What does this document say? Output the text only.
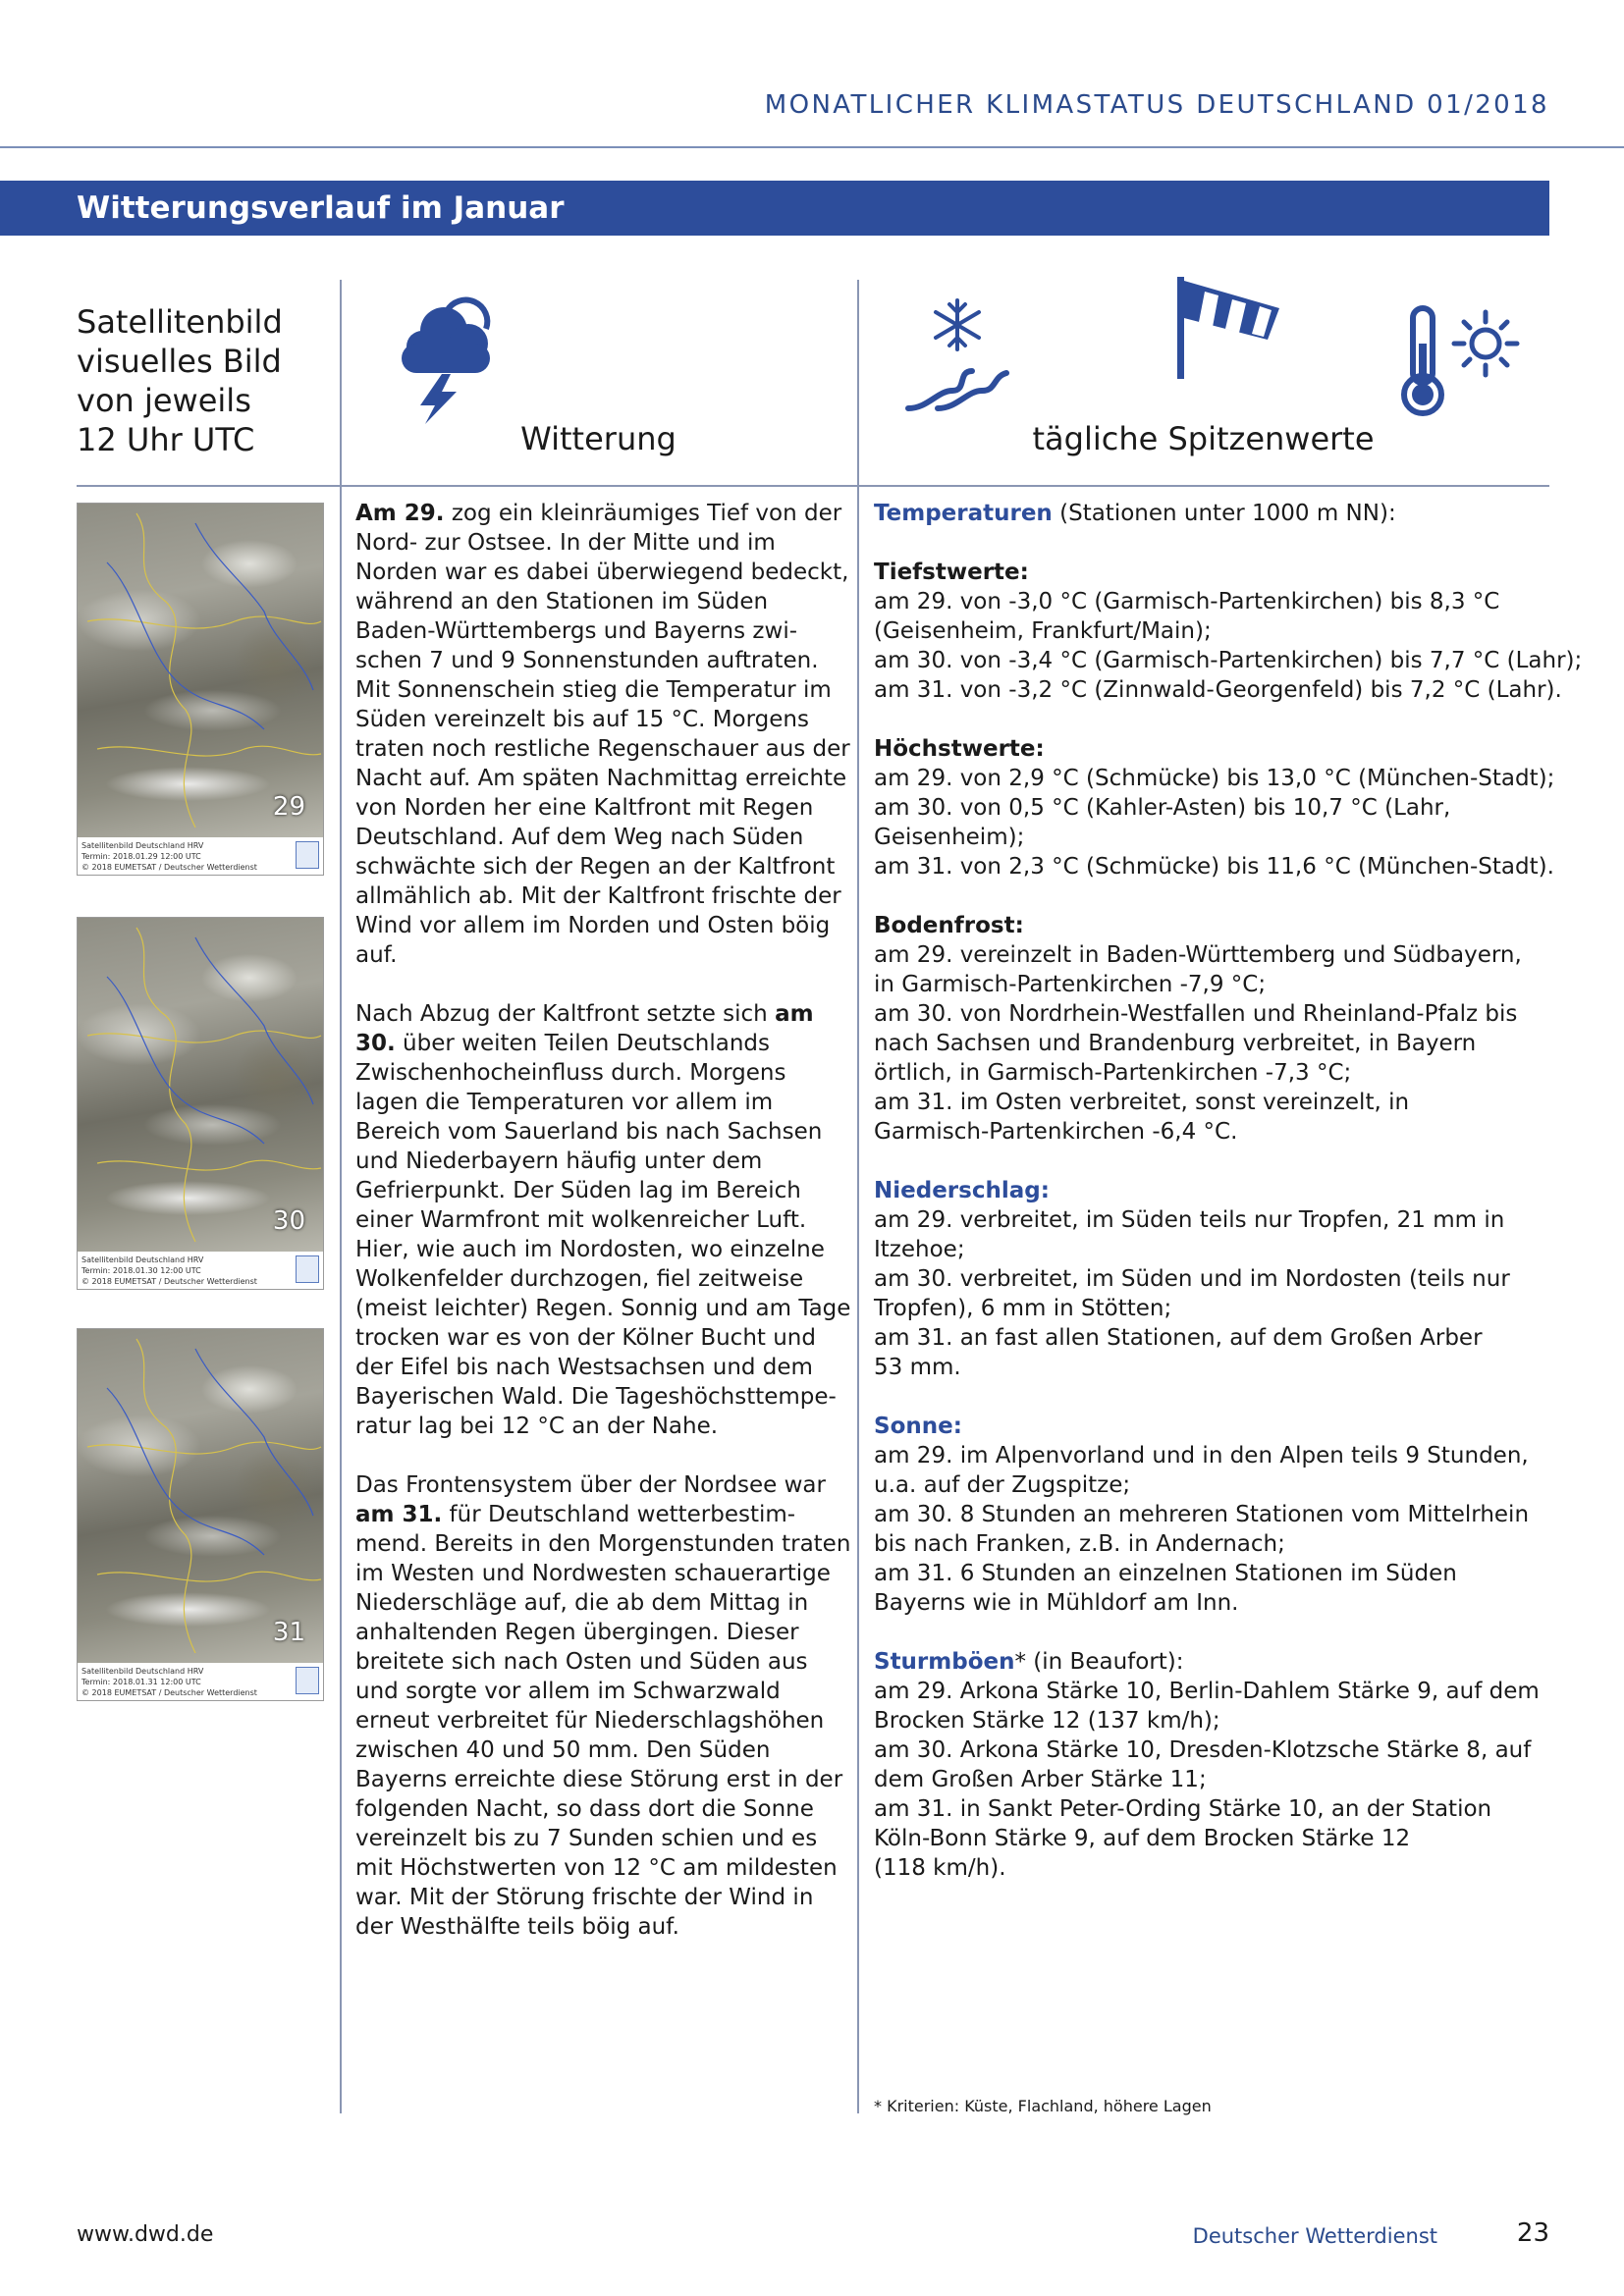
MONATLICHER KLIMASTATUS DEUTSCHLAND 01/2018
Witterungsverlauf im Januar
Satellitenbild
visuelles Bild
von jeweils
12 Uhr UTC	Witterung	tägliche Spitzenwerte
29
Satellitenbild Deutschland HRV
Termin: 2018.01.29 12:00 UTC
© 2018 EUMETSAT / Deutscher Wetterdienst
30
Satellitenbild Deutschland HRV
Termin: 2018.01.30 12:00 UTC
© 2018 EUMETSAT / Deutscher Wetterdienst
31
Satellitenbild Deutschland HRV
Termin: 2018.01.31 12:00 UTC
© 2018 EUMETSAT / Deutscher Wetterdienst

Am 29. zog ein kleinräumiges Tief von der
Nord- zur Ostsee. In der Mitte und im
Norden war es dabei überwiegend bedeckt,
während an den Stationen im Süden
Baden-Württembergs und Bayerns zwi-
schen 7 und 9 Sonnenstunden auftraten.
Mit Sonnenschein stieg die Temperatur im
Süden vereinzelt bis auf 15 °C. Morgens
traten noch restliche Regenschauer aus der
Nacht auf. Am späten Nachmittag erreichte
von Norden her eine Kaltfront mit Regen
Deutschland. Auf dem Weg nach Süden
schwächte sich der Regen an der Kaltfront
allmählich ab. Mit der Kaltfront frischte der
Wind vor allem im Norden und Osten böig
auf.

Nach Abzug der Kaltfront setzte sich am
30. über weiten Teilen Deutschlands
Zwischenhocheinfluss durch. Morgens
lagen die Temperaturen vor allem im
Bereich vom Sauerland bis nach Sachsen
und Niederbayern häufig unter dem
Gefrierpunkt. Der Süden lag im Bereich
einer Warmfront mit wolkenreicher Luft.
Hier, wie auch im Nordosten, wo einzelne
Wolkenfelder durchzogen, fiel zeitweise
(meist leichter) Regen. Sonnig und am Tage
trocken war es von der Kölner Bucht und
der Eifel bis nach Westsachsen und dem
Bayerischen Wald. Die Tageshöchsttempe-
ratur lag bei 12 °C an der Nahe.

Das Frontensystem über der Nordsee war
am 31. für Deutschland wetterbestim-
mend. Bereits in den Morgenstunden traten
im Westen und Nordwesten schauerartige
Niederschläge auf, die ab dem Mittag in
anhaltenden Regen übergingen. Dieser
breitete sich nach Osten und Süden aus
und sorgte vor allem im Schwarzwald
erneut verbreitet für Niederschlagshöhen
zwischen 40 und 50 mm. Den Süden
Bayerns erreichte diese Störung erst in der
folgenden Nacht, so dass dort die Sonne
vereinzelt bis zu 7 Sunden schien und es
mit Höchstwerten von 12 °C am mildesten
war. Mit der Störung frischte der Wind in
der Westhälfte teils böig auf.

Temperaturen (Stationen unter 1000 m NN):
Tiefstwerte:
am 29. von -3,0 °C (Garmisch-Partenkirchen) bis 8,3 °C
(Geisenheim, Frankfurt/Main);
am 30. von -3,4 °C (Garmisch-Partenkirchen) bis 7,7 °C (Lahr);
am 31. von -3,2 °C (Zinnwald-Georgenfeld) bis 7,2 °C (Lahr).
Höchstwerte:
am 29. von 2,9 °C (Schmücke) bis 13,0 °C (München-Stadt);
am 30. von 0,5 °C (Kahler-Asten) bis 10,7 °C (Lahr,
Geisenheim);
am 31. von 2,3 °C (Schmücke) bis 11,6 °C (München-Stadt).
Bodenfrost:
am 29. vereinzelt in Baden-Württemberg und Südbayern,
in Garmisch-Partenkirchen -7,9 °C;
am 30. von Nordrhein-Westfallen und Rheinland-Pfalz bis
nach Sachsen und Brandenburg verbreitet, in Bayern
örtlich, in Garmisch-Partenkirchen -7,3 °C;
am 31. im Osten verbreitet, sonst vereinzelt, in
Garmisch-Partenkirchen -6,4 °C.
Niederschlag:
am 29. verbreitet, im Süden teils nur Tropfen, 21 mm in
Itzehoe;
am 30. verbreitet, im Süden und im Nordosten (teils nur
Tropfen), 6 mm in Stötten;
am 31. an fast allen Stationen, auf dem Großen Arber
53 mm.
Sonne:
am 29. im Alpenvorland und in den Alpen teils 9 Stunden,
u.a. auf der Zugspitze;
am 30. 8 Stunden an mehreren Stationen vom Mittelrhein
bis nach Franken, z.B. in Andernach;
am 31. 6 Stunden an einzelnen Stationen im Süden
Bayerns wie in Mühldorf am Inn.
Sturmböen* (in Beaufort):
am 29. Arkona Stärke 10, Berlin-Dahlem Stärke 9, auf dem
Brocken Stärke 12 (137 km/h);
am 30. Arkona Stärke 10, Dresden-Klotzsche Stärke 8, auf
dem Großen Arber Stärke 11;
am 31. in Sankt Peter-Ording Stärke 10, an der Station
Köln-Bonn Stärke 9, auf dem Brocken Stärke 12
(118 km/h).
* Kriterien: Küste, Flachland, höhere Lagen
www.dwd.de	Deutscher Wetterdienst	23
